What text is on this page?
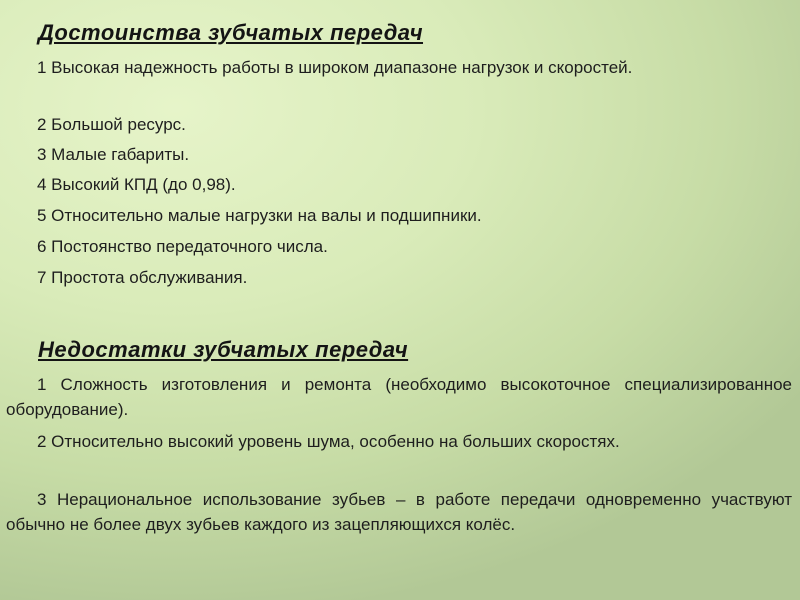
Достоинства зубчатых передач

1 Высокая надежность работы в широком диапазоне нагрузок и скоростей.

2 Большой ресурс.

3 Малые габариты.

4 Высокий КПД (до 0,98).

5 Относительно малые нагрузки на валы и подшипники.

6 Постоянство передаточного числа.

7 Простота обслуживания.

Недостатки зубчатых передач

1 Сложность изготовления и ремонта (необходимо высокоточное специализированное оборудование).

2 Относительно высокий уровень шума, особенно на больших скоростях.

3 Нерациональное использование зубьев – в работе передачи одновременно участвуют обычно не более двух зубьев каждого из зацепляющихся колёс.
